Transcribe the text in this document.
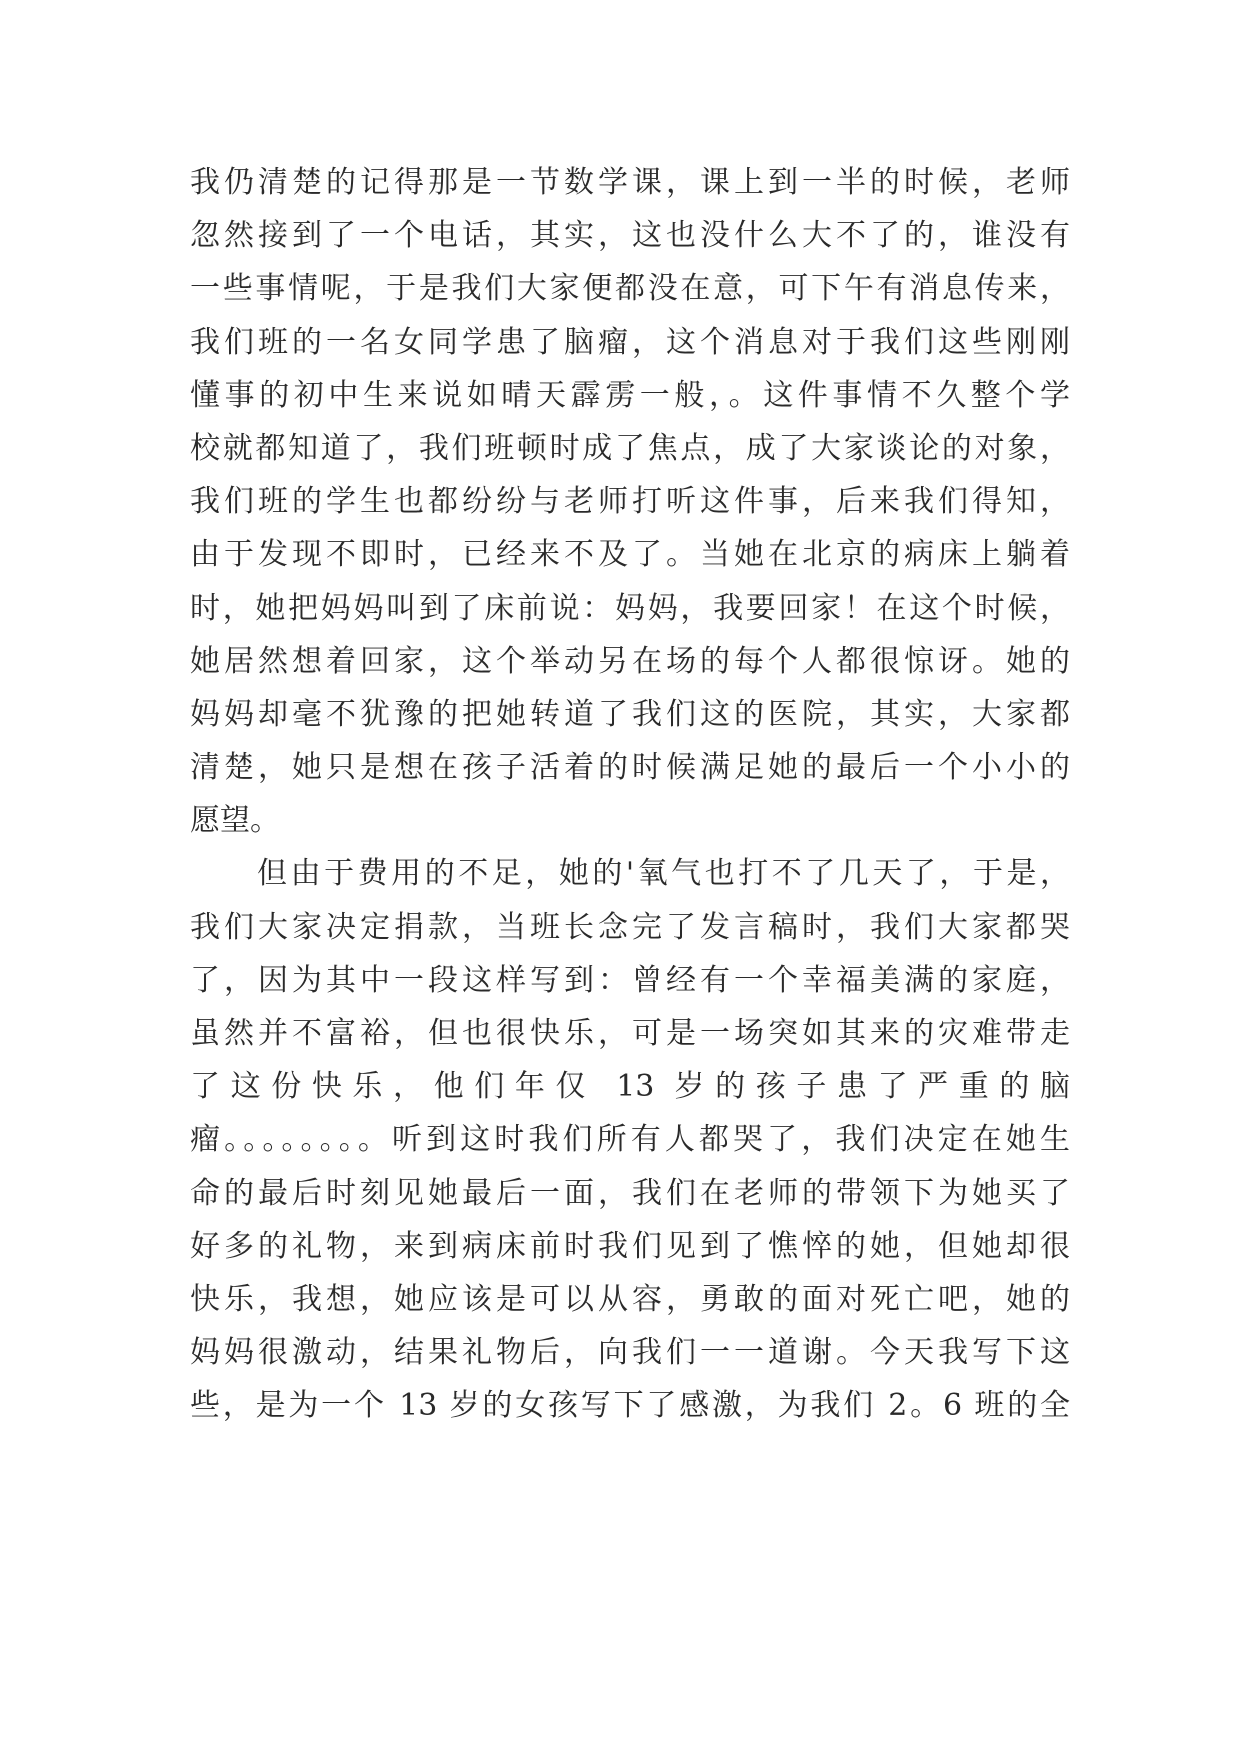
我仍清楚的记得那是一节数学课，课上到一半的时候，老师
忽然接到了一个电话，其实，这也没什么大不了的，谁没有
一些事情呢，于是我们大家便都没在意，可下午有消息传来，
我们班的一名女同学患了脑瘤，这个消息对于我们这些刚刚
懂事的初中生来说如晴天霹雳一般，。这件事情不久整个学
校就都知道了，我们班顿时成了焦点，成了大家谈论的对象，
我们班的学生也都纷纷与老师打听这件事，后来我们得知，
由于发现不即时，已经来不及了。当她在北京的病床上躺着
时，她把妈妈叫到了床前说：妈妈，我要回家！在这个时候，
她居然想着回家，这个举动另在场的每个人都很惊讶。她的
妈妈却毫不犹豫的把她转道了我们这的医院，其实，大家都
清楚，她只是想在孩子活着的时候满足她的最后一个小小的
愿望。
　　但由于费用的不足，她的'氧气也打不了几天了，于是，
我们大家决定捐款，当班长念完了发言稿时，我们大家都哭
了，因为其中一段这样写到：曾经有一个幸福美满的家庭，
虽然并不富裕，但也很快乐，可是一场突如其来的灾难带走
了这份快乐，他们年仅 13 岁的孩子患了严重的脑
瘤。。。。。。。。听到这时我们所有人都哭了，我们决定在她生
命的最后时刻见她最后一面，我们在老师的带领下为她买了
好多的礼物，来到病床前时我们见到了憔悴的她，但她却很
快乐，我想，她应该是可以从容，勇敢的面对死亡吧，她的
妈妈很激动，结果礼物后，向我们一一道谢。今天我写下这
些，是为一个 13 岁的女孩写下了感激，为我们 2。6 班的全
